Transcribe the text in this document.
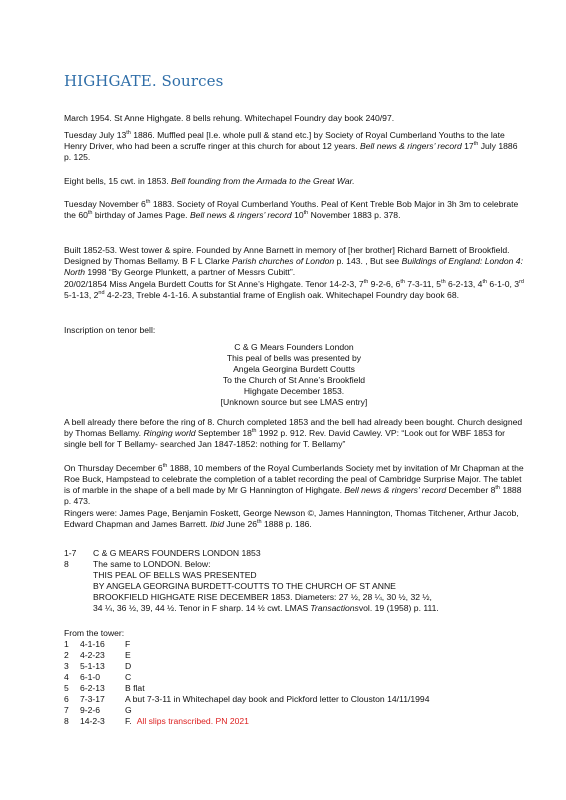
HIGHGATE. Sources

March 1954. St Anne Highgate. 8 bells rehung. Whitechapel Foundry day book 240/97.

Tuesday July 13th 1886. Muffled peal [I.e. whole pull & stand etc.] by Society of Royal Cumberland Youths to the late Henry Driver, who had been a scruffe ringer at this church for about 12 years. Bell news & ringers’ record 17th July 1886 p. 125.

Eight bells, 15 cwt. in 1853. Bell founding from the Armada to the Great War.

Tuesday November 6th 1883. Society of Royal Cumberland Youths. Peal of Kent Treble Bob Major in 3h 3m to celebrate the 60th birthday of James Page. Bell news & ringers’ record 10th November 1883 p. 378.

Built 1852-53. West tower & spire. Founded by Anne Barnett in memory of [her brother] Richard Barnett of Brookfield. Designed by Thomas Bellamy. B F L Clarke Parish churches of London p. 143. , But see Buildings of England: London 4: North 1998 “By George Plunkett, a partner of Messrs Cubitt”.

20/02/1854 Miss Angela Burdett Coutts for St Anne’s Highgate. Tenor 14-2-3, 7th 9-2-6, 6th 7-3-11, 5th 6-2-13, 4th 6-1-0, 3rd 5-1-13, 2nd 4-2-23, Treble 4-1-16. A substantial frame of English oak. Whitechapel Foundry day book 68.

Inscription on tenor bell:

C & G Mears Founders London
This peal of bells was presented by
Angela Georgina Burdett Coutts
To the Church of St Anne’s Brookfield
Highgate December 1853.
[Unknown source but see LMAS entry]

A bell already there before the ring of 8. Church completed 1853 and the bell had already been bought. Church designed by Thomas Bellamy. Ringing world September 18th 1992 p. 912. Rev. David Cawley. VP: “Look out for WBF 1853 for single bell for T Bellamy- searched Jan 1847-1852: nothing for T. Bellamy”

On Thursday December 6th 1888, 10 members of the Royal Cumberlands Society met by invitation of Mr Chapman at the Roe Buck, Hampstead to celebrate the completion of a tablet recording the peal of Cambridge Surprise Major. The tablet is of marble in the shape of a bell made by Mr G Hannington of Highgate. Bell news & ringers’ record December 8th 1888 p. 473.

Ringers were: James Page, Benjamin Foskett, George Newson ©, James Hannington, Thomas Titchener, Arthur Jacob, Edward Chapman and James Barrett. Ibid June 26th 1888 p. 186.

1-7	C & G MEARS FOUNDERS LONDON 1853
8	The same to LONDON. Below:
THIS PEAL OF BELLS WAS PRESENTED
BY ANGELA GEORGINA BURDETT-COUTTS TO THE CHURCH OF ST ANNE
BROOKFIELD HIGHGATE RISE DECEMBER 1853. Diameters: 27 ½, 28 ¼, 30 ½, 32 ½,
34 ¼, 36 ½, 39, 44 ½. Tenor in F sharp. 14 ½ cwt. LMAS Transactions vol. 19 (1958) p. 111.

From the tower:

1	4-1-16	F
2	4-2-23	E
3	5-1-13	D
4	6-1-0	C
5	6-2-13	B flat
6	7-3-17	A but 7-3-11 in Whitechapel day book and Pickford letter to Clouston 14/11/1994
7	9-2-6	G
8	14-2-3	F. All slips transcribed. PN 2021
